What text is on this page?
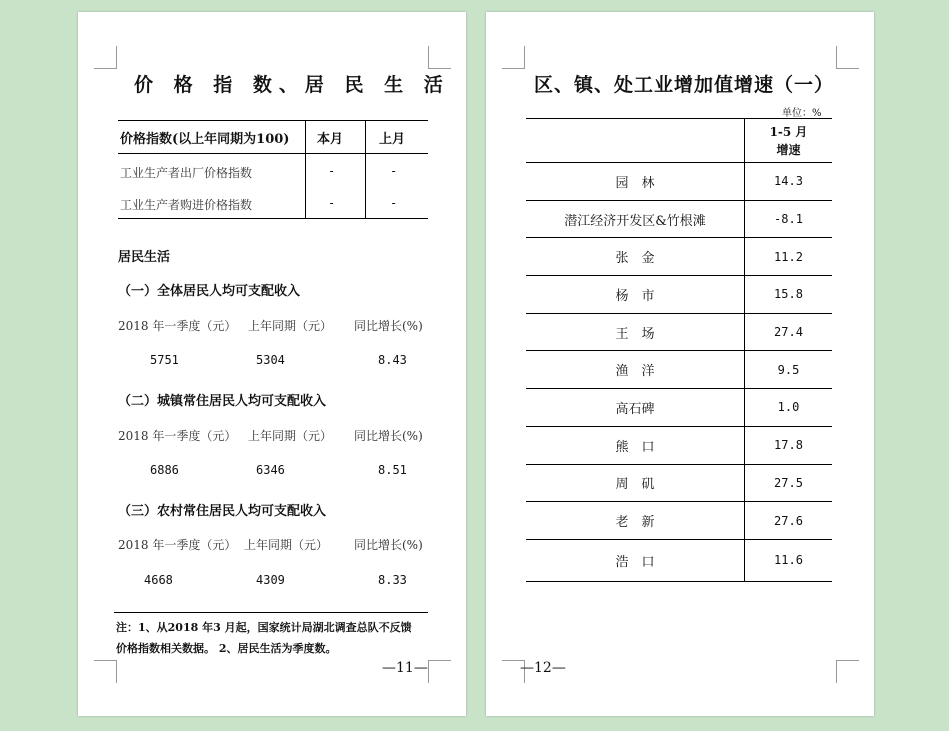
价 格 指 数、居 民 生 活
价格指数(以上年同期为100) 本月	上月
工业生产者出厂价格指数	-	-
工业生产者购进价格指数	-	-
居民生活
（一）全体居民人均可支配收入
2018 年一季度（元） 上年同期（元） 同比增长(%)
5751	5304	8.43
（二）城镇常住居民人均可支配收入
2018 年一季度（元） 上年同期（元） 同比增长(%)
6886	6346	8.51
（三）农村常住居民人均可支配收入
2018 年一季度（元） 上年同期（元） 同比增长(%)
4668	4309	8.33
注：1、从2018 年3 月起，国家统计局湖北调查总队不反馈
价格指数相关数据。 2、居民生活为季度数。
—11—
区、镇、处工业增加值增速（一）
单位：%
1-5 月
增速
园　林	14.3
潜江经济开发区&竹根滩	-8.1
张　金	11.2
杨　市	15.8
王　场	27.4
渔　洋	9.5
高石碑	1.0
熊　口	17.8
周　矶	27.5
老　新	27.6
浩　口	11.6
—12—
